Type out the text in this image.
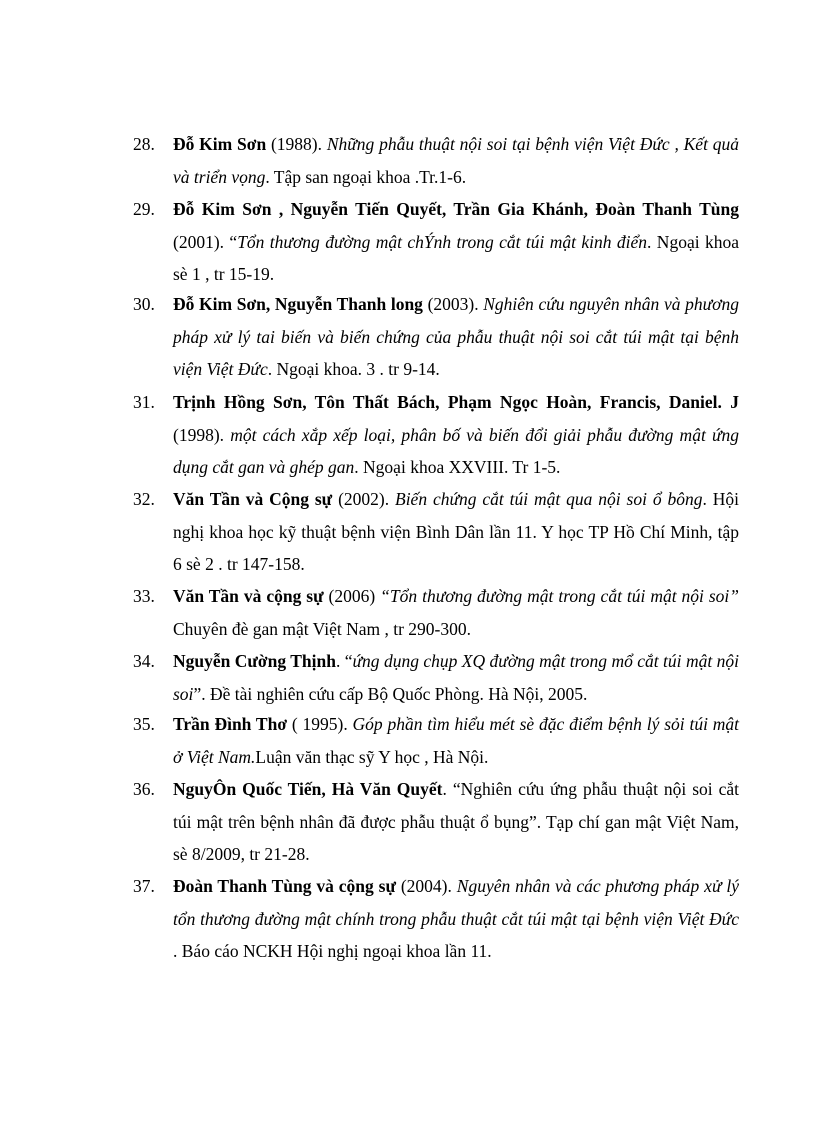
28.	Đỗ Kim Sơn (1988). Những phẫu thuật nội soi tại bệnh viện Việt Đức , Kết quả và triển vọng. Tập san ngoại khoa .Tr.1-6.
29.	Đỗ Kim Sơn , Nguyễn Tiến Quyết, Trần Gia Khánh, Đoàn Thanh Tùng (2001). “Tổn thương đường mật chÝnh trong cắt túi mật kinh điển. Ngoại khoa sè 1 , tr 15-19.
30.	Đỗ Kim Sơn, Nguyễn Thanh long (2003). Nghiên cứu nguyên nhân và phương pháp xử lý tai biến và biến chứng của phẫu thuật nội soi cắt túi mật tại bệnh viện Việt Đức. Ngoại khoa. 3 . tr 9-14.
31.	Trịnh Hồng Sơn, Tôn Thất Bách, Phạm Ngọc Hoàn, Francis, Daniel. J (1998). một cách xắp xếp loại, phân bố và biến đổi giải phẫu đường mật ứng dụng cắt gan và ghép gan. Ngoại khoa XXVIII. Tr 1-5.
32.	Văn Tần và Cộng sự (2002). Biến chứng cắt túi mật qua nội soi ổ bông. Hội nghị khoa học kỹ thuật bệnh viện Bình Dân lần 11. Y học TP Hồ Chí Minh, tập 6 sè 2 . tr 147-158.
33.	Văn Tần và cộng sự (2006) “Tổn thương đường mật trong cắt túi mật nội soi” Chuyên đè gan mật Việt Nam , tr 290-300.
34.	Nguyễn Cường Thịnh. “ứng dụng chụp XQ đường mật trong mổ cắt túi mật nội soi”. Đề tài nghiên cứu cấp Bộ Quốc Phòng. Hà Nội, 2005.
35.	Trần Đình Thơ ( 1995). Góp phần tìm hiểu mét sè đặc điểm bệnh lý sỏi túi mật ở Việt Nam.Luận văn thạc sỹ Y học , Hà Nội.
36.	NguyÔn Quốc Tiến, Hà Văn Quyết. “Nghiên cứu ứng phẫu thuật nội soi cắt túi mật trên bệnh nhân đã được phẫu thuật ổ bụng”. Tạp chí gan mật Việt Nam, sè 8/2009, tr 21-28.
37.	Đoàn Thanh Tùng và cộng sự (2004). Nguyên nhân và các phương pháp xử lý tổn thương đường mật chính trong phẫu thuật cắt túi mật tại bệnh viện Việt Đức . Báo cáo NCKH Hội nghị ngoại khoa lần 11.
